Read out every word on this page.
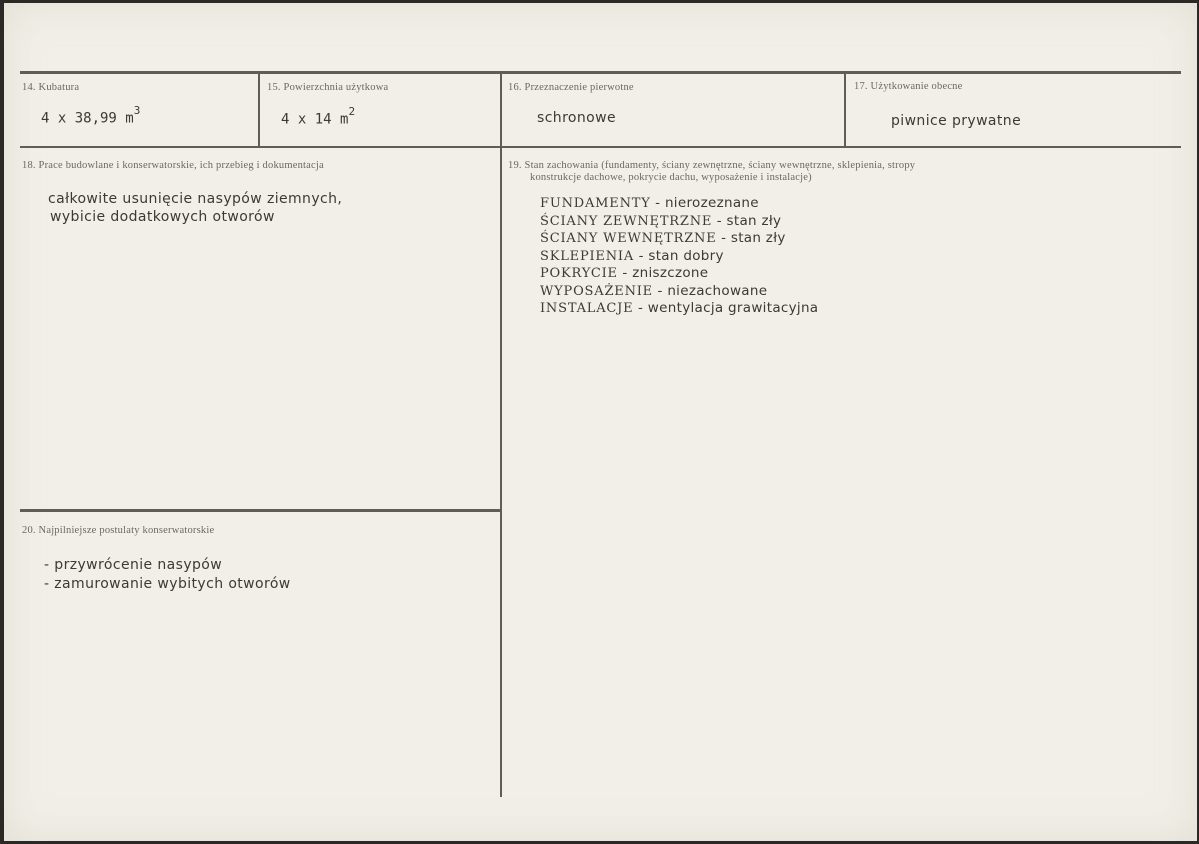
14. Kubatura
4 x 38,99 $m^3$
15. Powierzchnia użytkowa
4 x 14 $m^2$
16. Przeznaczenie pierwotne
schronowe
17. Użytkowanie obecne
piwnice prywatne
18. Prace budowlane i konserwatorskie, ich przebieg i dokumentacja
całkowite usunięcie nasypów ziemnych,
wybicie dodatkowych otworów
19. Stan zachowania (fundamenty, ściany zewnętrzne, ściany wewnętrzne, sklepienia, stropy
konstrukcje dachowe, pokrycie dachu, wyposażenie i instalacje)
FUNDAMENTY - nierozeznane
ŚCIANY ZEWNĘTRZNE - stan zły
ŚCIANY WEWNĘTRZNE - stan zły
SKLEPIENIA - stan dobry
POKRYCIE - zniszczone
WYPOSAŻENIE - niezachowane
INSTALACJE - wentylacja grawitacyjna
20. Najpilniejsze postulaty konserwatorskie
- przywrócenie nasypów
- zamurowanie wybitych otworów
